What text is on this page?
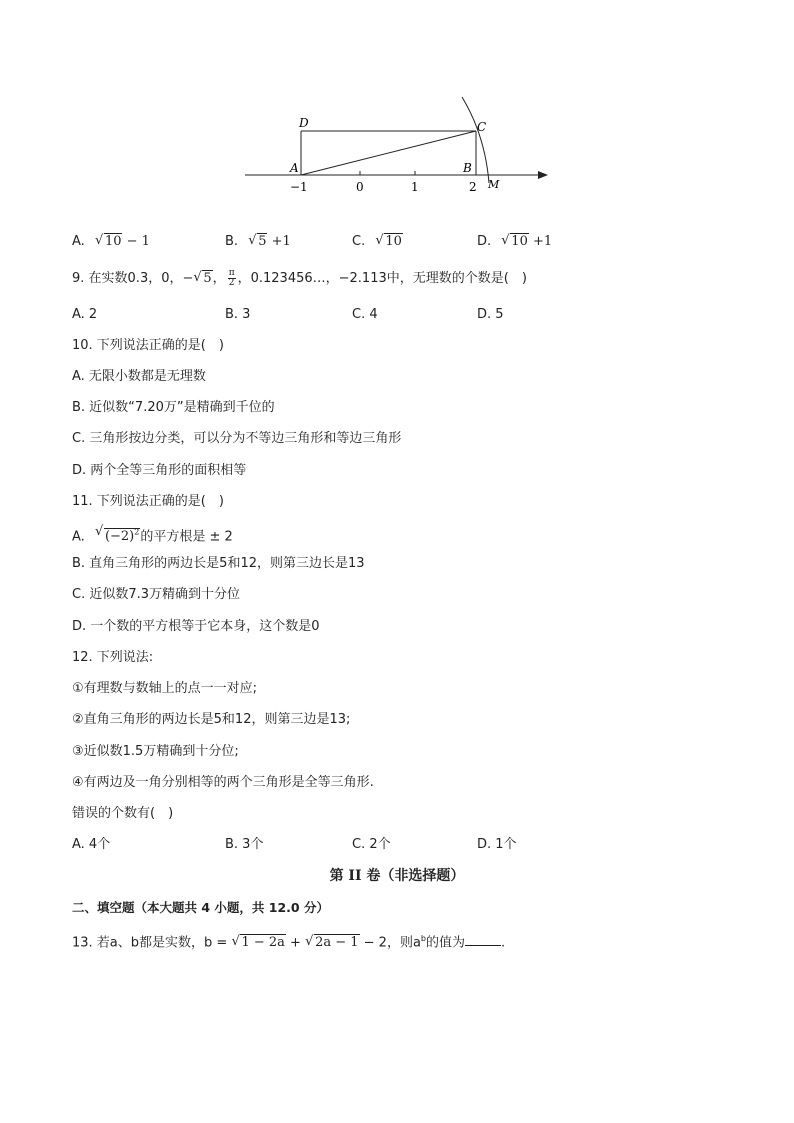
D	C
A	B
M
−1	0	1	2
A. √ 10 − 1	B. √ 5 +1	C. √ 10	D. √ 10 +1
9. 在实数0.3，0，− √ 5， $\frac{\pi}{2}$ ，0.123456…，−2.113中，无理数的个数是(　)
A. 2	B. 3	C. 4	D. 5
10. 下列说法正确的是(　)
A. 无限小数都是无理数
B. 近似数“7.20万”是精确到千位的
C. 三角形按边分类，可以分为不等边三角形和等边三角形
D. 两个全等三角形的面积相等
11. 下列说法正确的是(　)
A. √ $(-2)^2$的平方根是 ± 2
B. 直角三角形的两边长是5和12，则第三边长是13
C. 近似数7.3万精确到十分位
D. 一个数的平方根等于它本身，这个数是0
12. 下列说法:
①有理数与数轴上的点一一对应;
②直角三角形的两边长是5和12，则第三边是13;
③近似数1.5万精确到十分位;
④有两边及一角分别相等的两个三角形是全等三角形.
错误的个数有(　)
A. 4个	B. 3个	C. 2个	D. 1个
第 II 卷（非选择题）
二、填空题（本大题共 4 小题，共 12.0 分）
13. 若a、b都是实数，b = √ 1 − 2a + √ 2a − 1 − 2，则$a^b$的值为	.
